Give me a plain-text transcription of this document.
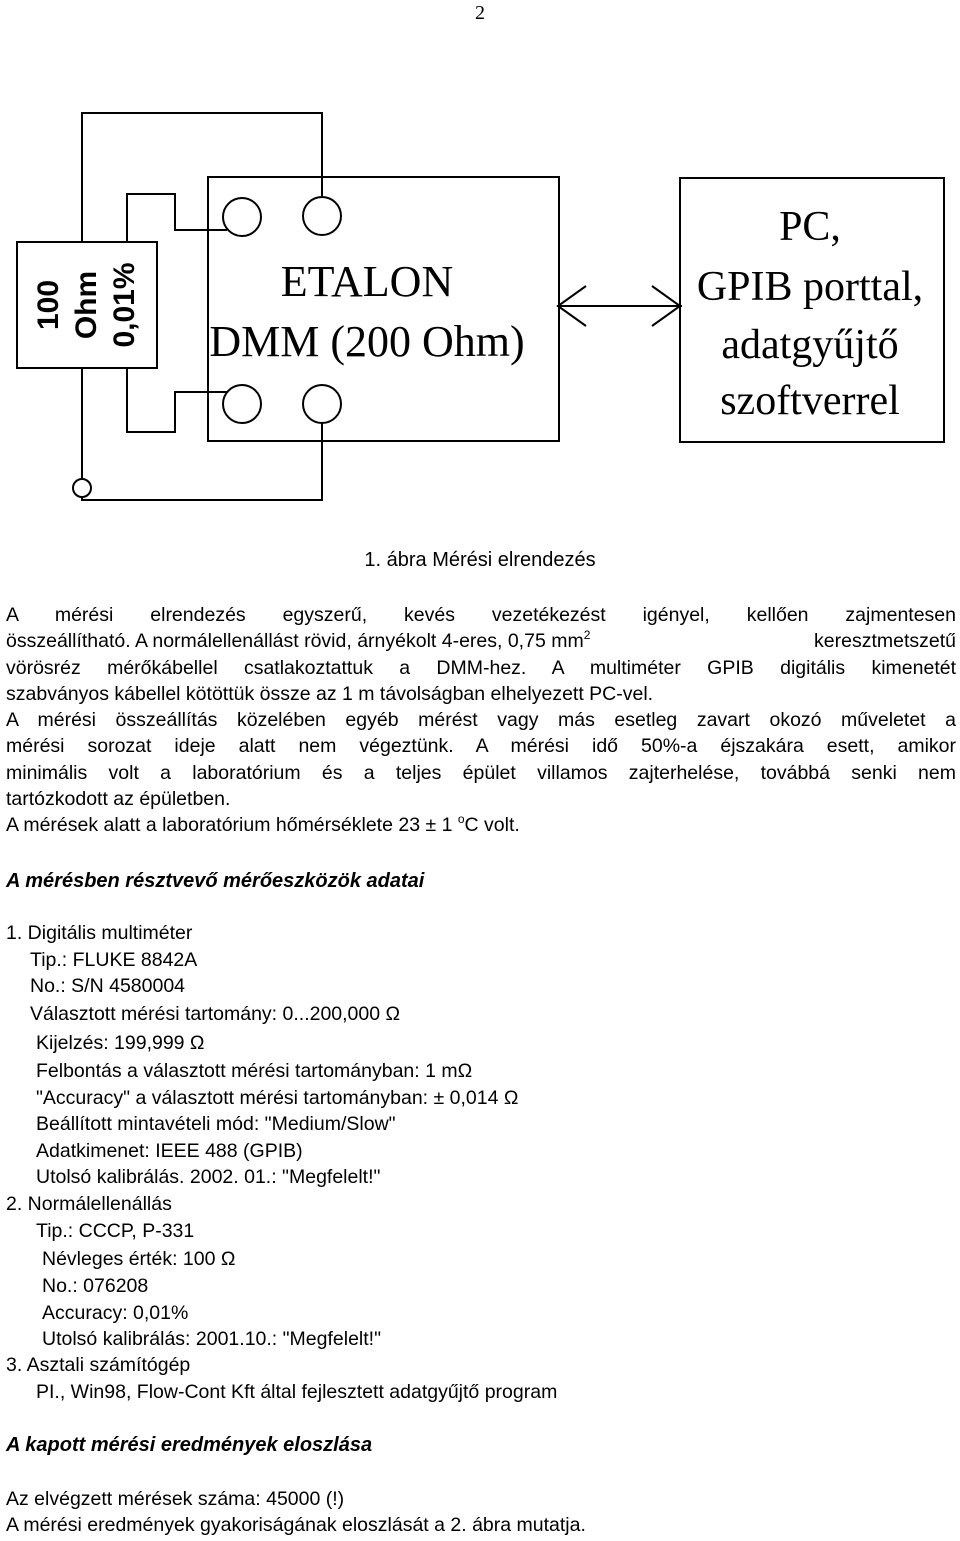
2
100 Ohm 0,01%	ETALON
DMM (200 Ohm)
PC,
GPIB porttal,
adatgyűjtő
szoftverrel
1. ábra Mérési elrendezés
A mérési elrendezés egyszerű, kevés vezetékezést igényel, kellően zajmentesen
összeállítható. A normálellenállást rövid, árnyékolt 4-eres, 0,75 $mm^2$	keresztmetszetű
vörösréz mérőkábellel csatlakoztattuk a DMM-hez. A multiméter GPIB digitális kimenetét
szabványos kábellel kötöttük össze az 1 m távolságban elhelyezett PC-vel.
A mérési összeállítás közelében egyéb mérést vagy más esetleg zavart okozó műveletet a
mérési sorozat ideje alatt nem végeztünk. A mérési idő 50%-a éjszakára esett, amikor
minimális volt a laboratórium és a teljes épület villamos zajterhelése, továbbá senki nem
tartózkodott az épületben.
A mérések alatt a laboratórium hőmérséklete 23 ± 1 $^o$C volt.
A mérésben résztvevő mérőeszközök adatai
1. Digitális multiméter
Tip.: FLUKE 8842A
No.: S/N 4580004
Választott mérési tartomány: 0...200,000 Ω
Kijelzés: 199,999 Ω
Felbontás a választott mérési tartományban: 1 mΩ
"Accuracy" a választott mérési tartományban: ± 0,014 Ω
Beállított mintavételi mód: "Medium/Slow"
Adatkimenet: IEEE 488 (GPIB)
Utolsó kalibrálás. 2002. 01.: "Megfelelt!"
2. Normálellenállás
Tip.: CCCP, P-331
Névleges érték: 100 Ω
No.: 076208
Accuracy: 0,01%
Utolsó kalibrálás: 2001.10.: "Megfelelt!"
3. Asztali számítógép
PI., Win98, Flow-Cont Kft által fejlesztett adatgyűjtő program
A kapott mérési eredmények eloszlása
Az elvégzett mérések száma: 45000 (!)
A mérési eredmények gyakoriságának eloszlását a 2. ábra mutatja.
